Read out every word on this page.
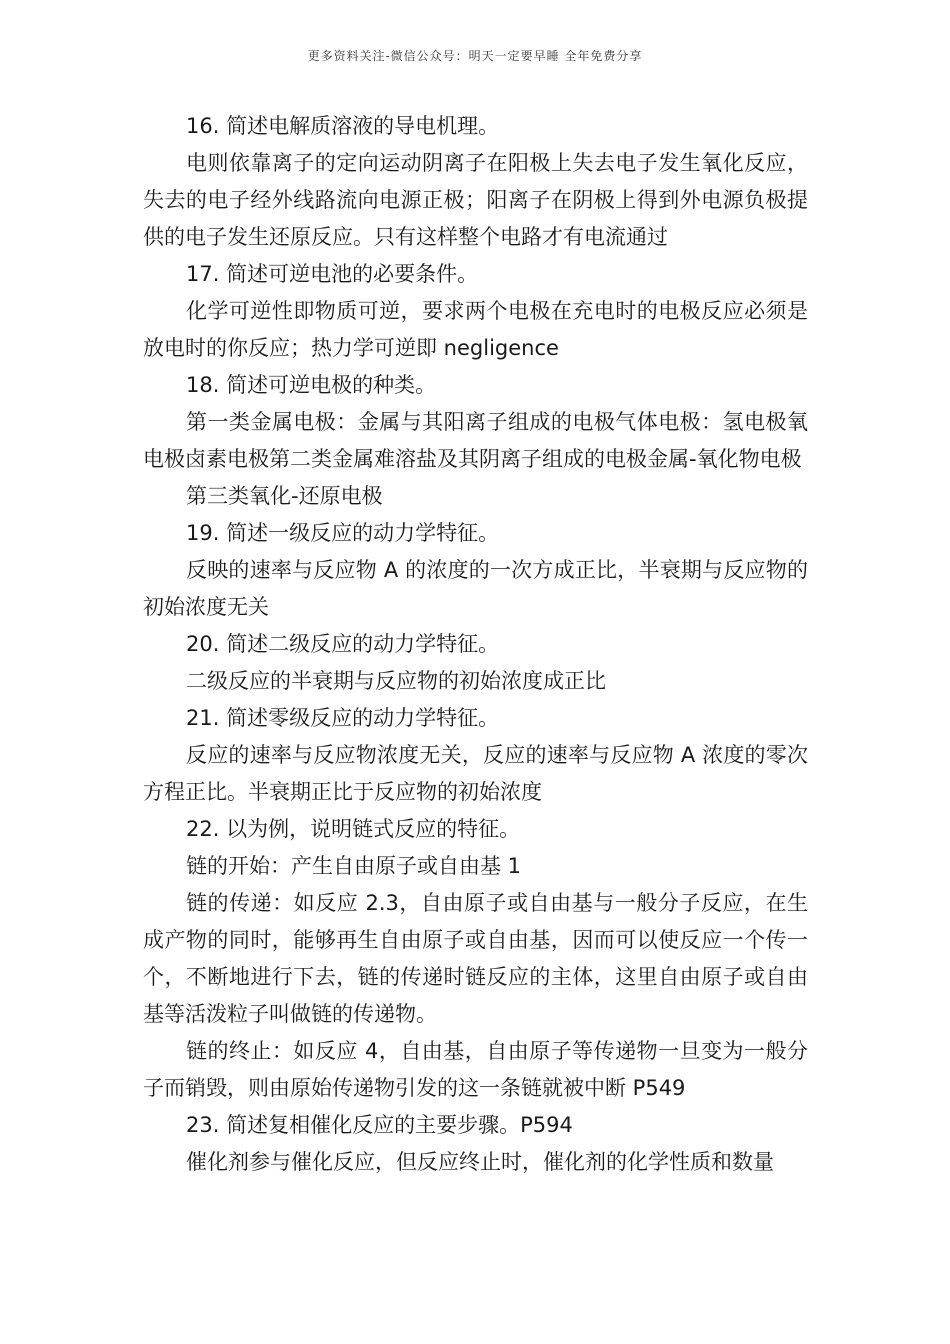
更多资料关注-微信公众号：明天一定要早睡 全年免费分享

16. 简述电解质溶液的导电机理。

电则依靠离子的定向运动阴离子在阳极上失去电子发生氧化反应，失去的电子经外线路流向电源正极；阳离子在阴极上得到外电源负极提供的电子发生还原反应。只有这样整个电路才有电流通过

17. 简述可逆电池的必要条件。

化学可逆性即物质可逆，要求两个电极在充电时的电极反应必须是放电时的你反应；热力学可逆即 negligence

18. 简述可逆电极的种类。

第一类金属电极：金属与其阳离子组成的电极气体电极：氢电极氧电极卤素电极第二类金属难溶盐及其阴离子组成的电极金属-氧化物电极

第三类氧化-还原电极

19. 简述一级反应的动力学特征。

反映的速率与反应物 A 的浓度的一次方成正比，半衰期与反应物的初始浓度无关

20. 简述二级反应的动力学特征。

二级反应的半衰期与反应物的初始浓度成正比

21. 简述零级反应的动力学特征。

反应的速率与反应物浓度无关，反应的速率与反应物 A 浓度的零次方程正比。半衰期正比于反应物的初始浓度

22. 以为例，说明链式反应的特征。

链的开始：产生自由原子或自由基 1

链的传递：如反应 2.3，自由原子或自由基与一般分子反应，在生成产物的同时，能够再生自由原子或自由基，因而可以使反应一个传一个，不断地进行下去，链的传递时链反应的主体，这里自由原子或自由基等活泼粒子叫做链的传递物。

链的终止：如反应 4，自由基，自由原子等传递物一旦变为一般分子而销毁，则由原始传递物引发的这一条链就被中断 P549

23. 简述复相催化反应的主要步骤。P594

催化剂参与催化反应，但反应终止时，催化剂的化学性质和数量
